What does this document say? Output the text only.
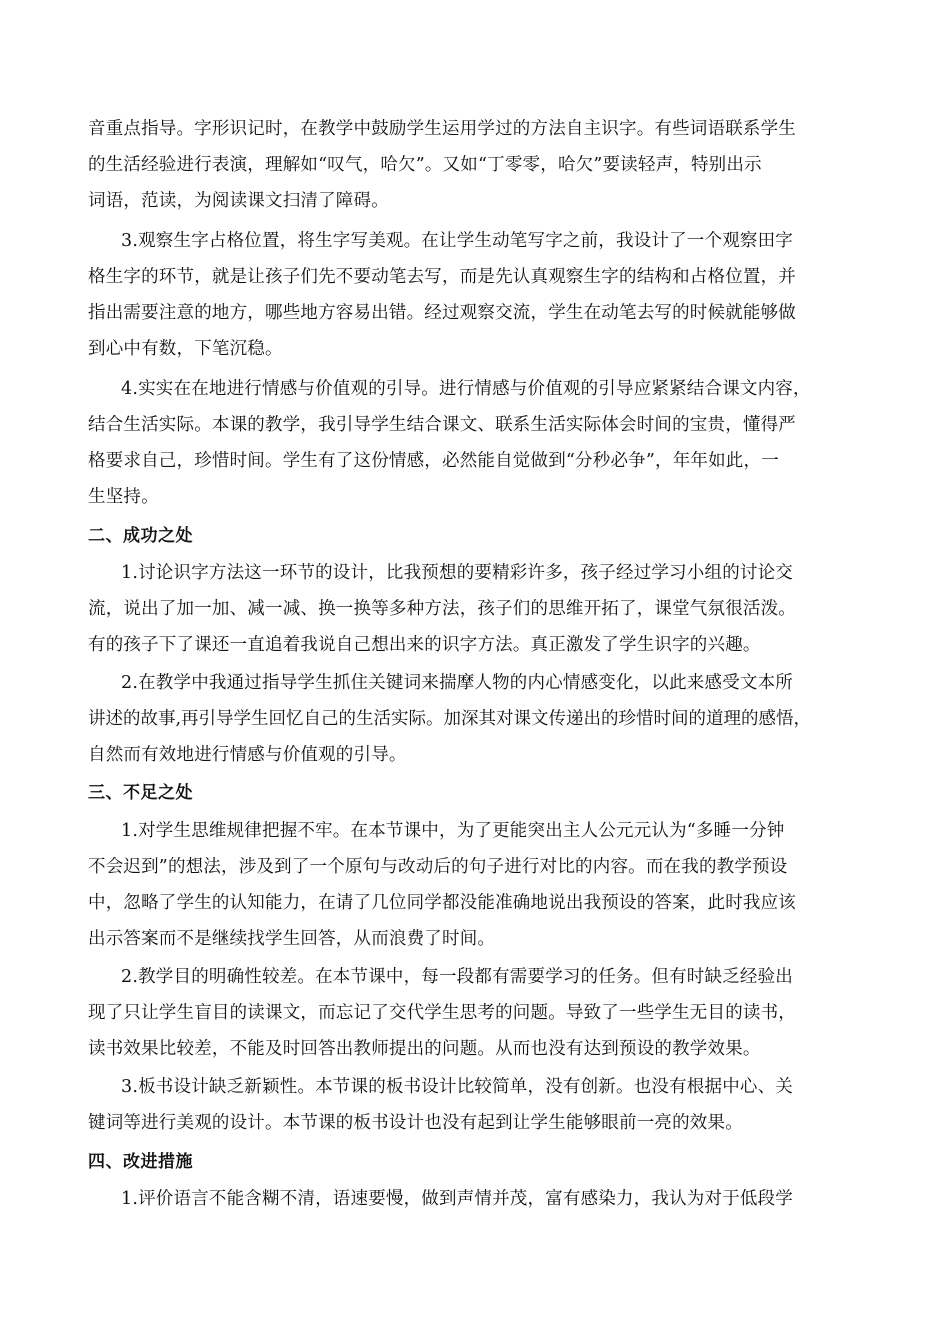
音重点指导。字形识记时，在教学中鼓励学生运用学过的方法自主识字。有些词语联系学生
的生活经验进行表演，理解如“叹气，哈欠”。又如“丁零零，哈欠”要读轻声，特别出示
词语，范读，为阅读课文扫清了障碍。
3.观察生字占格位置，将生字写美观。在让学生动笔写字之前，我设计了一个观察田字
格生字的环节，就是让孩子们先不要动笔去写，而是先认真观察生字的结构和占格位置，并
指出需要注意的地方，哪些地方容易出错。经过观察交流，学生在动笔去写的时候就能够做
到心中有数，下笔沉稳。
4.实实在在地进行情感与价值观的引导。进行情感与价值观的引导应紧紧结合课文内容，
结合生活实际。本课的教学，我引导学生结合课文、联系生活实际体会时间的宝贵，懂得严
格要求自己，珍惜时间。学生有了这份情感，必然能自觉做到“分秒必争”，年年如此，一
生坚持。
二、成功之处
1.讨论识字方法这一环节的设计，比我预想的要精彩许多，孩子经过学习小组的讨论交
流，说出了加一加、减一减、换一换等多种方法，孩子们的思维开拓了，课堂气氛很活泼。
有的孩子下了课还一直追着我说自己想出来的识字方法。真正激发了学生识字的兴趣。
2.在教学中我通过指导学生抓住关键词来揣摩人物的内心情感变化，以此来感受文本所
讲述的故事,再引导学生回忆自己的生活实际。加深其对课文传递出的珍惜时间的道理的感悟，
自然而有效地进行情感与价值观的引导。
三、不足之处
1.对学生思维规律把握不牢。在本节课中，为了更能突出主人公元元认为“多睡一分钟
不会迟到”的想法，涉及到了一个原句与改动后的句子进行对比的内容。而在我的教学预设
中，忽略了学生的认知能力，在请了几位同学都没能准确地说出我预设的答案，此时我应该
出示答案而不是继续找学生回答，从而浪费了时间。
2.教学目的明确性较差。在本节课中，每一段都有需要学习的任务。但有时缺乏经验出
现了只让学生盲目的读课文，而忘记了交代学生思考的问题。导致了一些学生无目的读书，
读书效果比较差，不能及时回答出教师提出的问题。从而也没有达到预设的教学效果。
3.板书设计缺乏新颖性。本节课的板书设计比较简单，没有创新。也没有根据中心、关
键词等进行美观的设计。本节课的板书设计也没有起到让学生能够眼前一亮的效果。
四、改进措施
1.评价语言不能含糊不清，语速要慢，做到声情并茂，富有感染力，我认为对于低段学
